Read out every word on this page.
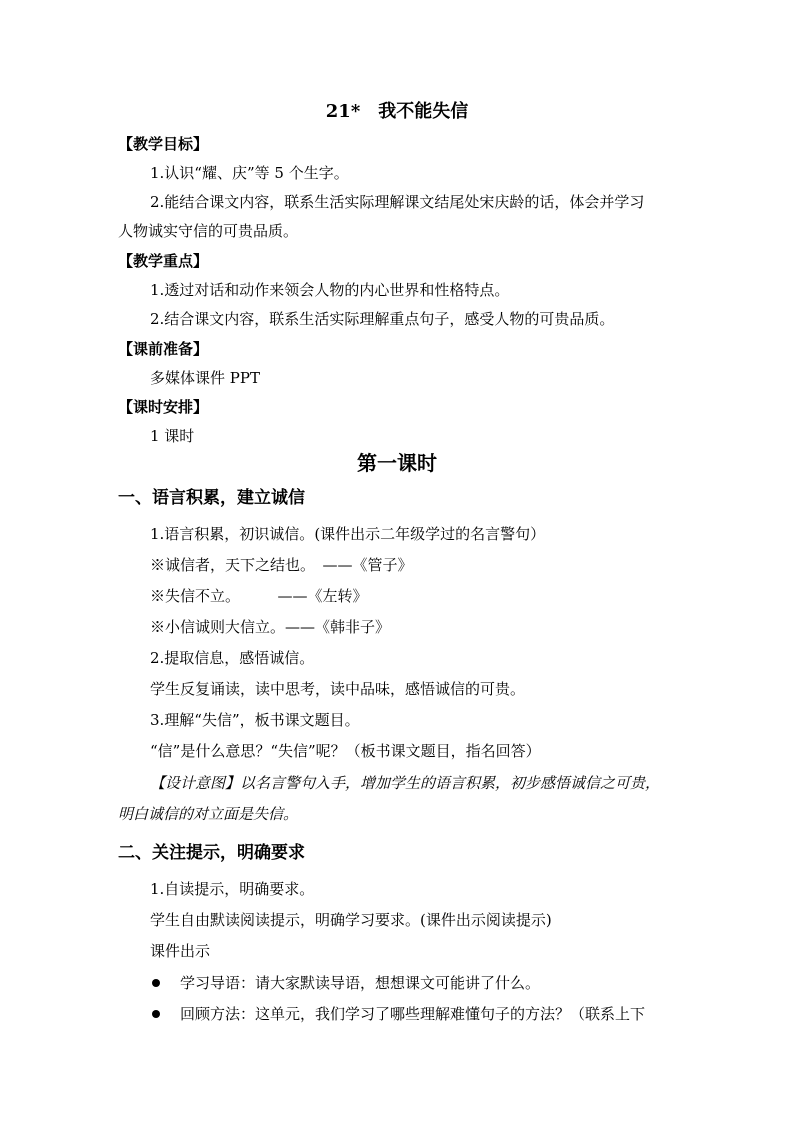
21*　我不能失信
【教学目标】
1.认识“耀、庆”等 5 个生字。
2.能结合课文内容，联系生活实际理解课文结尾处宋庆龄的话，体会并学习
人物诚实守信的可贵品质。
【教学重点】
1.透过对话和动作来领会人物的内心世界和性格特点。
2.结合课文内容，联系生活实际理解重点句子，感受人物的可贵品质。
【课前准备】
多媒体课件 PPT
【课时安排】
1 课时
第一课时
一、语言积累，建立诚信
1.语言积累，初识诚信。(课件出示二年级学过的名言警句）
※诚信者，天下之结也。　——《管子》
※失信不立。　　　——《左转》
※小信诚则大信立。——《韩非子》
2.提取信息，感悟诚信。
学生反复诵读，读中思考，读中品味，感悟诚信的可贵。
3.理解“失信”，板书课文题目。
“信”是什么意思？“失信”呢？（板书课文题目，指名回答）
【设计意图】以名言警句入手，增加学生的语言积累，初步感悟诚信之可贵，
明白诚信的对立面是失信。
二、关注提示，明确要求
1.自读提示，明确要求。
学生自由默读阅读提示，明确学习要求。(课件出示阅读提示)
课件出示
学习导语：请大家默读导语，想想课文可能讲了什么。
回顾方法：这单元，我们学习了哪些理解难懂句子的方法？（联系上下
